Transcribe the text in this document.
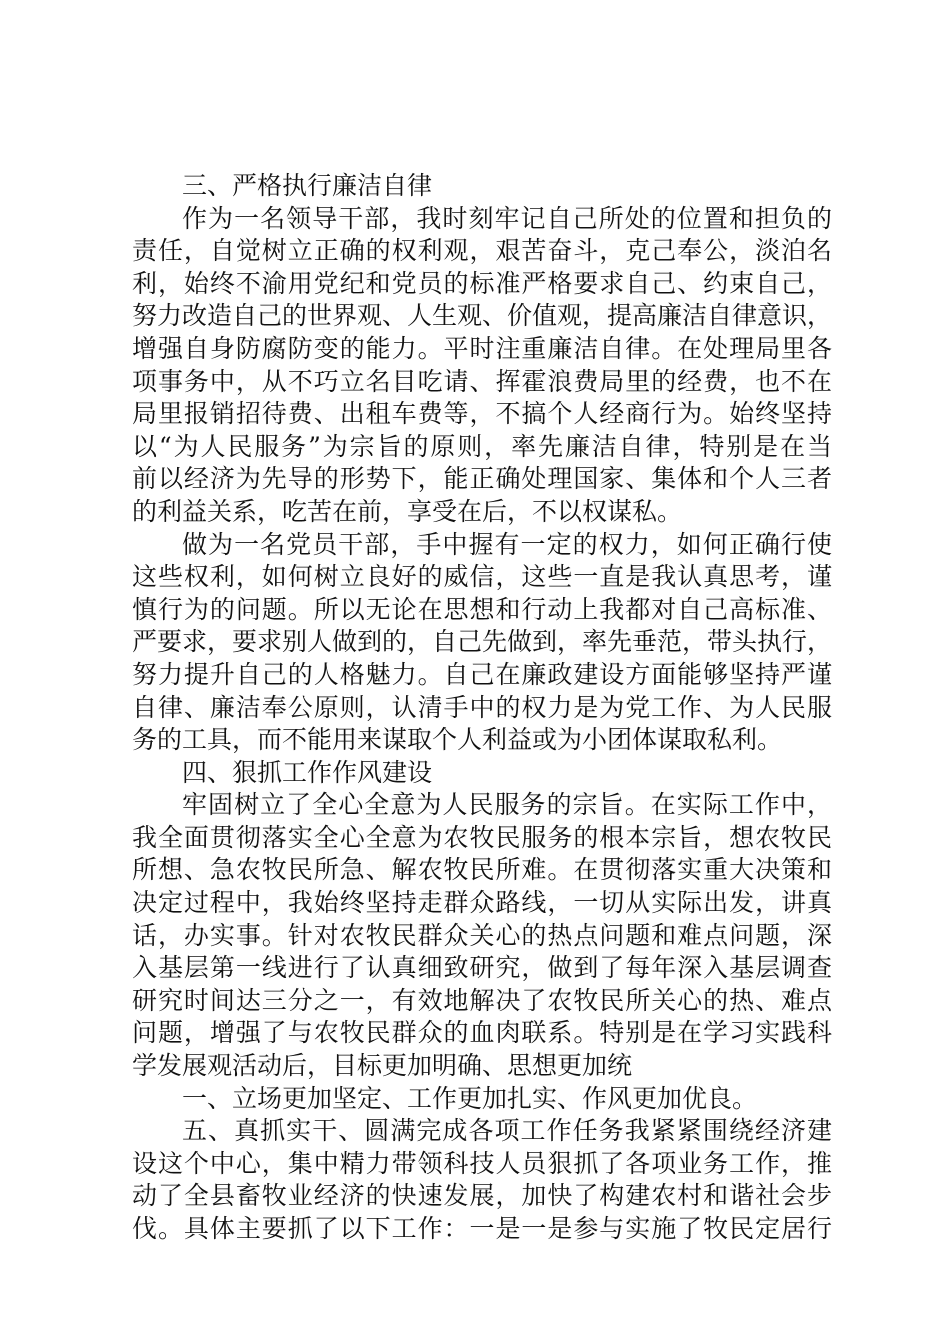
三、严格执行廉洁自律
作为一名领导干部，我时刻牢记自己所处的位置和担负的
责任，自觉树立正确的权利观，艰苦奋斗，克己奉公，淡泊名
利，始终不渝用党纪和党员的标准严格要求自己、约束自己，
努力改造自己的世界观、人生观、价值观，提高廉洁自律意识，
增强自身防腐防变的能力。平时注重廉洁自律。在处理局里各
项事务中，从不巧立名目吃请、挥霍浪费局里的经费，也不在
局里报销招待费、出租车费等，不搞个人经商行为。始终坚持
以“为人民服务”为宗旨的原则，率先廉洁自律，特别是在当
前以经济为先导的形势下，能正确处理国家、集体和个人三者
的利益关系，吃苦在前，享受在后，不以权谋私。
做为一名党员干部，手中握有一定的权力，如何正确行使
这些权利，如何树立良好的威信，这些一直是我认真思考，谨
慎行为的问题。所以无论在思想和行动上我都对自己高标准、
严要求，要求别人做到的，自己先做到，率先垂范，带头执行，
努力提升自己的人格魅力。自己在廉政建设方面能够坚持严谨
自律、廉洁奉公原则，认清手中的权力是为党工作、为人民服
务的工具，而不能用来谋取个人利益或为小团体谋取私利。
四、狠抓工作作风建设
牢固树立了全心全意为人民服务的宗旨。在实际工作中，
我全面贯彻落实全心全意为农牧民服务的根本宗旨，想农牧民
所想、急农牧民所急、解农牧民所难。在贯彻落实重大决策和
决定过程中，我始终坚持走群众路线，一切从实际出发，讲真
话，办实事。针对农牧民群众关心的热点问题和难点问题，深
入基层第一线进行了认真细致研究，做到了每年深入基层调查
研究时间达三分之一，有效地解决了农牧民所关心的热、难点
问题，增强了与农牧民群众的血肉联系。特别是在学习实践科
学发展观活动后，目标更加明确、思想更加统
一、立场更加坚定、工作更加扎实、作风更加优良。
五、真抓实干、圆满完成各项工作任务我紧紧围绕经济建
设这个中心，集中精力带领科技人员狠抓了各项业务工作，推
动了全县畜牧业经济的快速发展，加快了构建农村和谐社会步
伐。具体主要抓了以下工作：一是一是参与实施了牧民定居行
